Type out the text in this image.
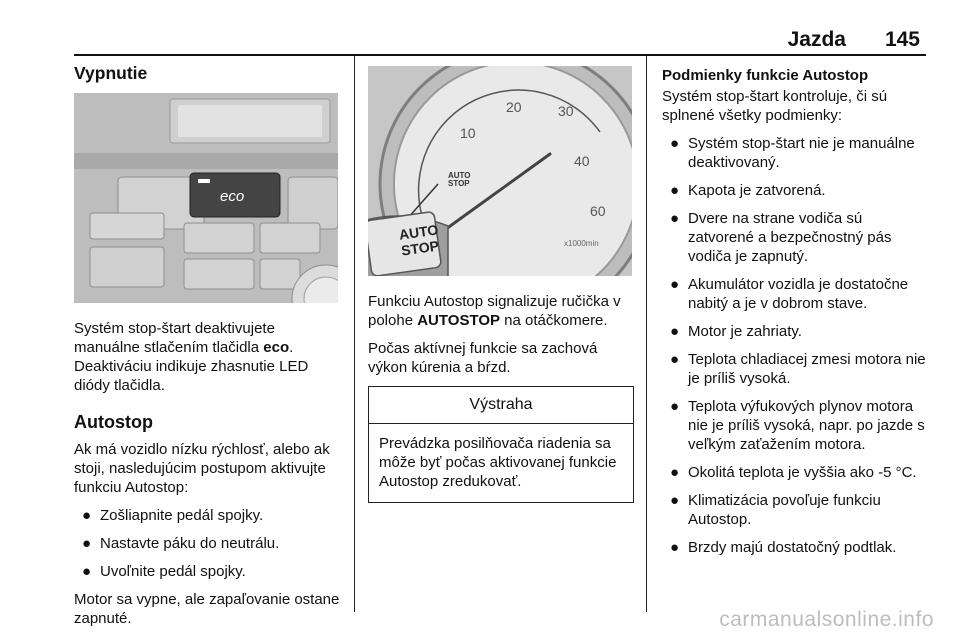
Jazda 145
Vypnutie
eco

Systém stop-štart deaktivujete manuálne stlačením tlačidla eco. Deaktiváciu indikuje zhasnutie LED diódy tlačidla.

Autostop

Ak má vozidlo nízku rýchlosť, alebo ak stoji, nasledujúcim postupom aktivujte funkciu Autostop:

● Zošliapnite pedál spojky.
● Nastavte páku do neutrálu.
● Uvoľnite pedál spojky.

Motor sa vypne, ale zapaľovanie ostane zapnuté.

10
20	30
40
60
x1000min
AUTO
STOP
AUTO
STOP

Funkciu Autostop signalizuje ručička v polohe AUTOSTOP na otáčkomere.

Počas aktívnej funkcie sa zachová výkon kúrenia a bŕzd.

Výstraha
Prevádzka posilňovača riadenia sa môže byť počas aktivovanej funkcie Autostop zredukovať.
Podmienky funkcie Autostop

Systém stop-štart kontroluje, či sú splnené všetky podmienky:

● Systém stop-štart nie je manuálne deaktivovaný.
● Kapota je zatvorená.
● Dvere na strane vodiča sú zatvorené a bezpečnostný pás vodiča je zapnutý.
● Akumulátor vozidla je dostatočne nabitý a je v dobrom stave.
● Motor je zahriaty.
● Teplota chladiacej zmesi motora nie je príliš vysoká.
● Teplota výfukových plynov motora nie je príliš vysoká, napr. po jazde s veľkým zaťažením motora.
● Okolitá teplota je vyššia ako -5 °C.
● Klimatizácia povoľuje funkciu Autostop.
● Brzdy majú dostatočný podtlak.
carmanualsonline.info
